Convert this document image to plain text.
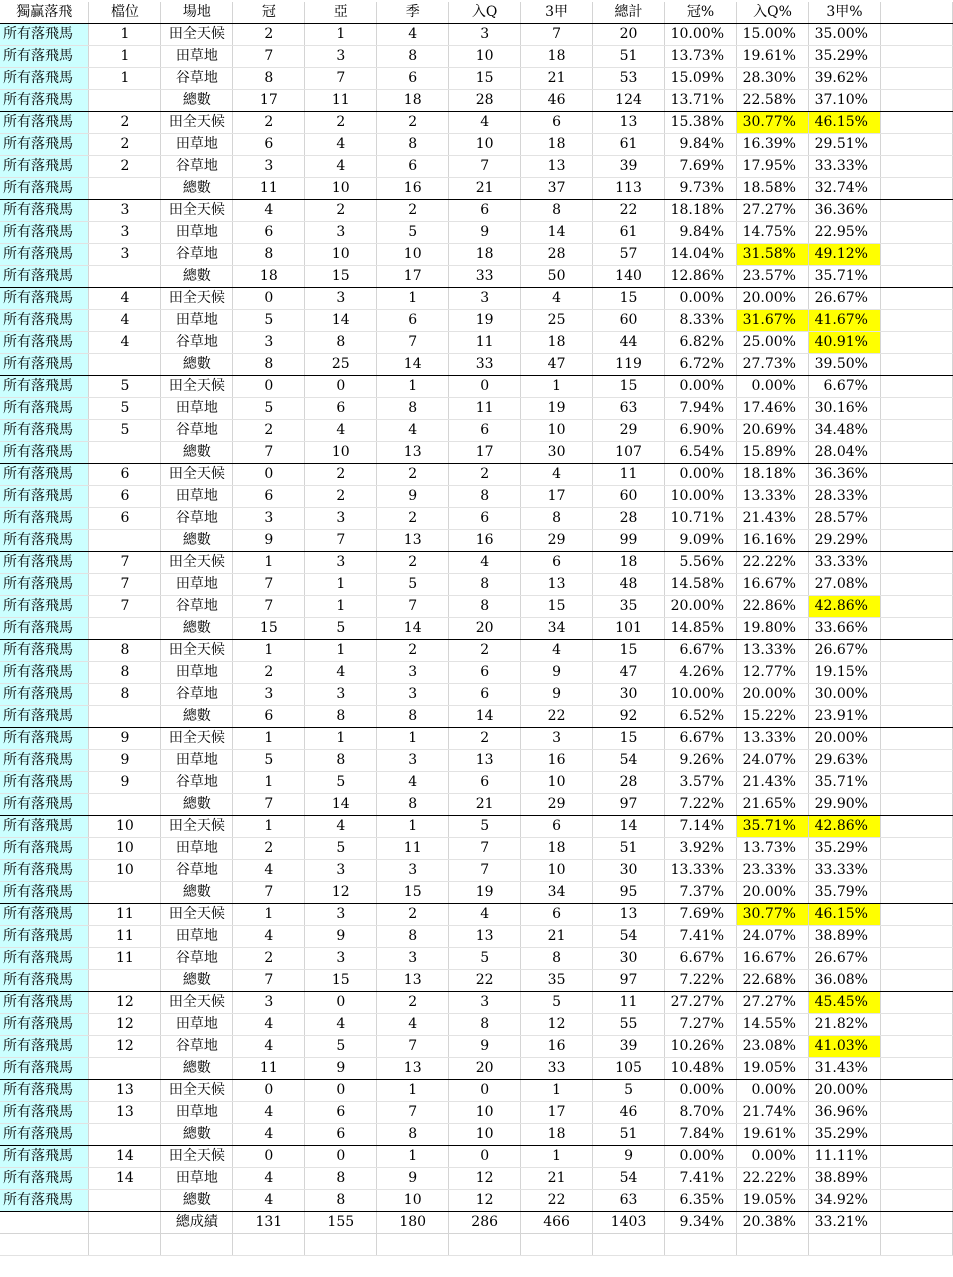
獨贏落飛	檔位	場地	冠	亞	季	入Q	3甲	總計	冠%	入Q%	3甲%	
所有落飛馬	1	田全天候	2	1	4	3	7	20	10.00%	15.00%	35.00%	
所有落飛馬	1	田草地	7	3	8	10	18	51	13.73%	19.61%	35.29%	
所有落飛馬	1	谷草地	8	7	6	15	21	53	15.09%	28.30%	39.62%	
所有落飛馬		總數	17	11	18	28	46	124	13.71%	22.58%	37.10%	
所有落飛馬	2	田全天候	2	2	2	4	6	13	15.38%	30.77%	46.15%	
所有落飛馬	2	田草地	6	4	8	10	18	61	9.84%	16.39%	29.51%	
所有落飛馬	2	谷草地	3	4	6	7	13	39	7.69%	17.95%	33.33%	
所有落飛馬		總數	11	10	16	21	37	113	9.73%	18.58%	32.74%	
所有落飛馬	3	田全天候	4	2	2	6	8	22	18.18%	27.27%	36.36%	
所有落飛馬	3	田草地	6	3	5	9	14	61	9.84%	14.75%	22.95%	
所有落飛馬	3	谷草地	8	10	10	18	28	57	14.04%	31.58%	49.12%	
所有落飛馬		總數	18	15	17	33	50	140	12.86%	23.57%	35.71%	
所有落飛馬	4	田全天候	0	3	1	3	4	15	0.00%	20.00%	26.67%	
所有落飛馬	4	田草地	5	14	6	19	25	60	8.33%	31.67%	41.67%	
所有落飛馬	4	谷草地	3	8	7	11	18	44	6.82%	25.00%	40.91%	
所有落飛馬		總數	8	25	14	33	47	119	6.72%	27.73%	39.50%	
所有落飛馬	5	田全天候	0	0	1	0	1	15	0.00%	0.00%	6.67%	
所有落飛馬	5	田草地	5	6	8	11	19	63	7.94%	17.46%	30.16%	
所有落飛馬	5	谷草地	2	4	4	6	10	29	6.90%	20.69%	34.48%	
所有落飛馬		總數	7	10	13	17	30	107	6.54%	15.89%	28.04%	
所有落飛馬	6	田全天候	0	2	2	2	4	11	0.00%	18.18%	36.36%	
所有落飛馬	6	田草地	6	2	9	8	17	60	10.00%	13.33%	28.33%	
所有落飛馬	6	谷草地	3	3	2	6	8	28	10.71%	21.43%	28.57%	
所有落飛馬		總數	9	7	13	16	29	99	9.09%	16.16%	29.29%	
所有落飛馬	7	田全天候	1	3	2	4	6	18	5.56%	22.22%	33.33%	
所有落飛馬	7	田草地	7	1	5	8	13	48	14.58%	16.67%	27.08%	
所有落飛馬	7	谷草地	7	1	7	8	15	35	20.00%	22.86%	42.86%	
所有落飛馬		總數	15	5	14	20	34	101	14.85%	19.80%	33.66%	
所有落飛馬	8	田全天候	1	1	2	2	4	15	6.67%	13.33%	26.67%	
所有落飛馬	8	田草地	2	4	3	6	9	47	4.26%	12.77%	19.15%	
所有落飛馬	8	谷草地	3	3	3	6	9	30	10.00%	20.00%	30.00%	
所有落飛馬		總數	6	8	8	14	22	92	6.52%	15.22%	23.91%	
所有落飛馬	9	田全天候	1	1	1	2	3	15	6.67%	13.33%	20.00%	
所有落飛馬	9	田草地	5	8	3	13	16	54	9.26%	24.07%	29.63%	
所有落飛馬	9	谷草地	1	5	4	6	10	28	3.57%	21.43%	35.71%	
所有落飛馬		總數	7	14	8	21	29	97	7.22%	21.65%	29.90%	
所有落飛馬	10	田全天候	1	4	1	5	6	14	7.14%	35.71%	42.86%	
所有落飛馬	10	田草地	2	5	11	7	18	51	3.92%	13.73%	35.29%	
所有落飛馬	10	谷草地	4	3	3	7	10	30	13.33%	23.33%	33.33%	
所有落飛馬		總數	7	12	15	19	34	95	7.37%	20.00%	35.79%	
所有落飛馬	11	田全天候	1	3	2	4	6	13	7.69%	30.77%	46.15%	
所有落飛馬	11	田草地	4	9	8	13	21	54	7.41%	24.07%	38.89%	
所有落飛馬	11	谷草地	2	3	3	5	8	30	6.67%	16.67%	26.67%	
所有落飛馬		總數	7	15	13	22	35	97	7.22%	22.68%	36.08%	
所有落飛馬	12	田全天候	3	0	2	3	5	11	27.27%	27.27%	45.45%	
所有落飛馬	12	田草地	4	4	4	8	12	55	7.27%	14.55%	21.82%	
所有落飛馬	12	谷草地	4	5	7	9	16	39	10.26%	23.08%	41.03%	
所有落飛馬		總數	11	9	13	20	33	105	10.48%	19.05%	31.43%	
所有落飛馬	13	田全天候	0	0	1	0	1	5	0.00%	0.00%	20.00%	
所有落飛馬	13	田草地	4	6	7	10	17	46	8.70%	21.74%	36.96%	
所有落飛馬		總數	4	6	8	10	18	51	7.84%	19.61%	35.29%	
所有落飛馬	14	田全天候	0	0	1	0	1	9	0.00%	0.00%	11.11%	
所有落飛馬	14	田草地	4	8	9	12	21	54	7.41%	22.22%	38.89%	
所有落飛馬		總數	4	8	10	12	22	63	6.35%	19.05%	34.92%	
		總成績	131	155	180	286	466	1403	9.34%	20.38%	33.21%	
